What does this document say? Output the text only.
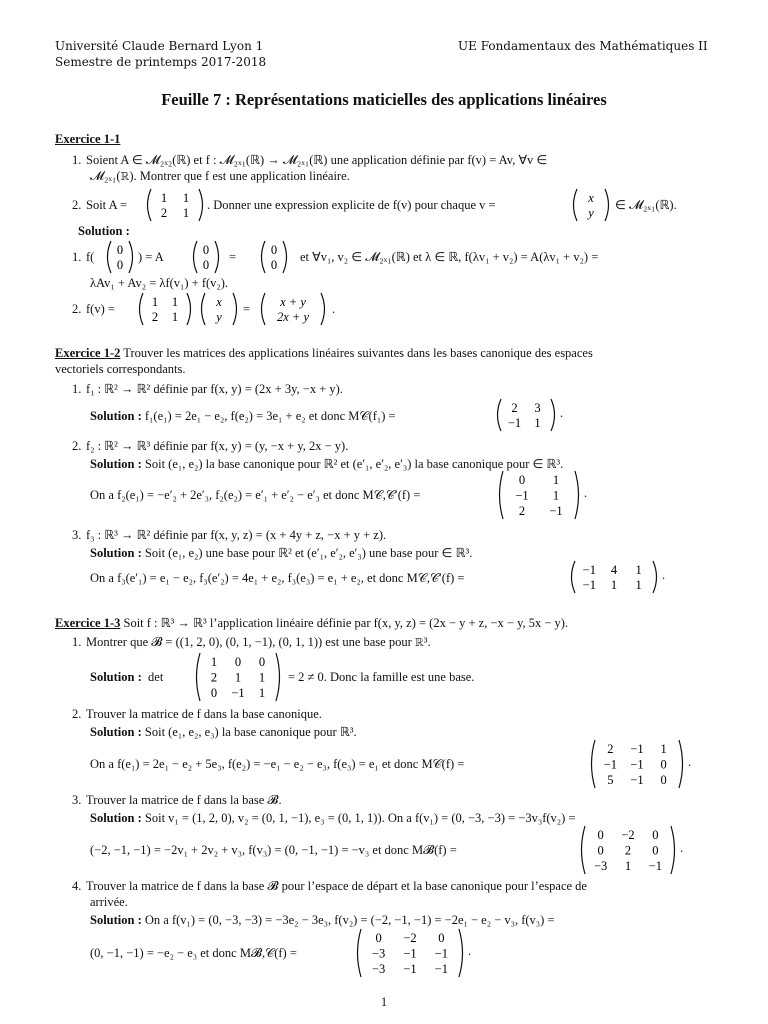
Université Claude Bernard Lyon 1
Semestre de printemps 2017-2018
UE Fondamentaux des Mathématiques II
Feuille 7 : Représentations maticielles des applications linéaires
Exercice 1-1
1. Soient A ∈ 𝓜₂ₓ₂(ℝ) et f : 𝓜₂ₓ₁(ℝ) → 𝓜₂ₓ₁(ℝ) une application définie par f(v) = Av, ∀v ∈
𝓜₂ₓ₁(ℝ). Montrer que f est une application linéaire.
2. Soit A =	1 1
2 1
. Donner une expression explicite de f(v) pour chaque v =	x
y
∈ 𝓜₂ₓ₁(ℝ).
Solution :
1. f( 0
0
) = A	0
0
=	0
0
et ∀v₁, v₂ ∈ 𝓜₂ₓ₁(ℝ) et λ ∈ ℝ, f(λv₁ + v₂) = A(λv₁ + v₂) =
λAv₁ + Av₂ = λf(v₁) + f(v₂).
2. f(v) =	1 1
2 1
x
y
= x + y
2x + y
.
Exercice 1-2 Trouver les matrices des applications linéaires suivantes dans les bases canonique des espaces
vectoriels correspondants.
1. f₁ : ℝ² → ℝ² définie par f(x, y) = (2x + 3y, −x + y).
Solution : f₁(e₁) = 2e₁ − e₂, f(e₂) = 3e₁ + e₂ et donc M𝒞(f₁) =
2 3
−1 1
.
2. f₂ : ℝ² → ℝ³ définie par f(x, y) = (y, −x + y, 2x − y).
Solution : Soit (e₁, e₂) la base canonique pour ℝ² et (e′₁, e′₂, e′₃) la base canonique pour ∈ ℝ³.
On a f₂(e₁) = −e′₂ + 2e′₃, f₂(e₂) = e′₁ + e′₂ − e′₃ et donc M𝒞,𝒞′(f) =
0 1
−1 1
2 −1
.
3. f₃ : ℝ³ → ℝ² définie par f(x, y, z) = (x + 4y + z, −x + y + z).
Solution : Soit (e₁, e₂) une base pour ℝ² et (e′₁, e′₂, e′₃) une base pour ∈ ℝ³.
On a f₃(e′₁) = e₁ − e₂, f₃(e′₂) = 4e₁ + e₂, f₃(e₃) = e₁ + e₂, et donc M𝒞,𝒞′(f) =
−1 4 1
−1 1 1
.
Exercice 1-3 Soit f : ℝ³ → ℝ³ l’application linéaire définie par f(x, y, z) = (2x − y + z, −x − y, 5x − y).
1. Montrer que 𝓑 = ((1, 2, 0), (0, 1, −1), (0, 1, 1)) est une base pour ℝ³.
Solution : det
1 0 0
2 1 1
0 −1 1
= 2 ≠ 0. Donc la famille est une base.
2. Trouver la matrice de f dans la base canonique.
Solution : Soit (e₁, e₂, e₃) la base canonique pour ℝ³.
On a f(e₁) = 2e₁ − e₂ + 5e₃, f(e₂) = −e₁ − e₂ − e₃, f(e₃) = e₁ et donc M𝒞(f) =
2 −1 1
−1 −1 0
5 −1 0
.
3. Trouver la matrice de f dans la base 𝓑.
Solution : Soit v₁ = (1, 2, 0), v₂ = (0, 1, −1), e₃ = (0, 1, 1)). On a f(v₁) = (0, −3, −3) = −3v₃f(v₂) =
(−2, −1, −1) = −2v₁ + 2v₂ + v₃, f(v₃) = (0, −1, −1) = −v₃ et donc M𝓑(f) =
0 −2 0
0 2 0
−3 1 −1
.
4. Trouver la matrice de f dans la base 𝓑 pour l’espace de départ et la base canonique pour l’espace de
arrivée.
Solution : On a f(v₁) = (0, −3, −3) = −3e₂ − 3e₃, f(v₂) = (−2, −1, −1) = −2e₁ − e₂ − v₃, f(v₃) =
(0, −1, −1) = −e₂ − e₃ et donc M𝓑,𝒞(f) =
0 −2 0
−3 −1 −1
−3 −1 −1
.
1
